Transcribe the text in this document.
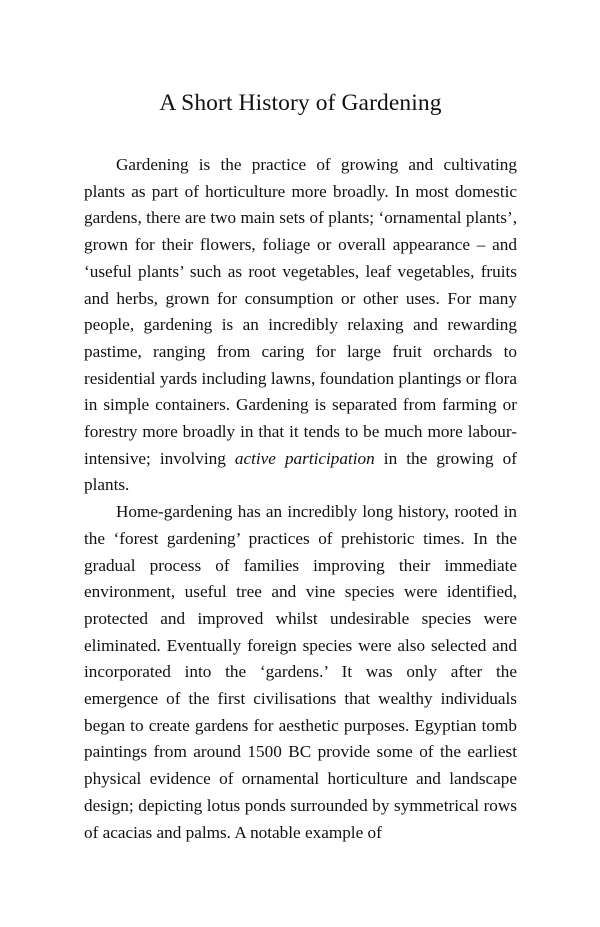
A Short History of Gardening

Gardening is the practice of growing and cultivating plants as part of horticulture more broadly. In most domestic gardens, there are two main sets of plants; ‘ornamental plants’, grown for their flowers, foliage or overall appearance – and ‘useful plants’ such as root vegetables, leaf vegetables, fruits and herbs, grown for consumption or other uses. For many people, gardening is an incredibly relaxing and rewarding pastime, ranging from caring for large fruit orchards to residential yards including lawns, foundation plantings or flora in simple containers. Gardening is separated from farming or forestry more broadly in that it tends to be much more labour-intensive; involving active participation in the growing of plants.

Home-gardening has an incredibly long history, rooted in the ‘forest gardening’ practices of prehistoric times. In the gradual process of families improving their immediate environment, useful tree and vine species were identified, protected and improved whilst undesirable species were eliminated. Eventually foreign species were also selected and incorporated into the ‘gardens.’ It was only after the emergence of the first civilisations that wealthy individuals began to create gardens for aesthetic purposes. Egyptian tomb paintings from around 1500 BC provide some of the earliest physical evidence of ornamental horticulture and landscape design; depicting lotus ponds surrounded by symmetrical rows of acacias and palms. A notable example of
